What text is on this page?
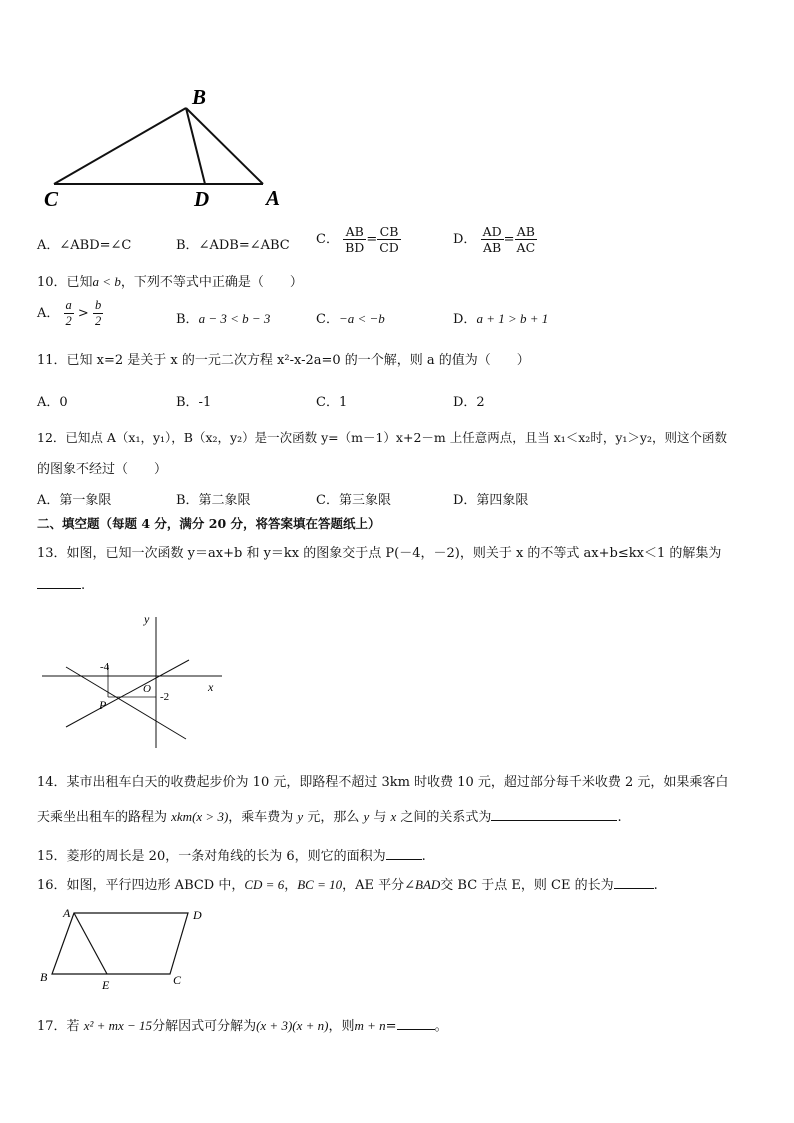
B
C	D	A
A．∠ABD=∠C	B．∠ADB=∠ABC C． $\frac{AB}{BD} = \frac{CB}{CD}$	D． $\frac{AD}{AB} = \frac{AB}{AC}$
10．已知a < b，下列不等式中正确是（　　）
A． $\frac{a}{2} > \frac{b}{2}$	B．a − 3 < b − 3	C．−a < −b	D．a + 1 > b + 1
11．已知 x=2 是关于 x 的一元二次方程 x²-x-2a=0 的一个解，则 a 的值为（　　）
A．0	B．-1	C．1	D．2
12．已知点 A（x₁，y₁），B（x₂，y₂）是一次函数 y=（m－1）x+2－m 上任意两点，且当 x₁＜x₂时，y₁＞y₂，则这个函数
的图象不经过（　　）
A．第一象限	B．第二象限	C．第三象限	D．第四象限
二、填空题（每题 4 分，满分 20 分，将答案填在答题纸上）
13．如图，已知一次函数 y＝ax+b 和 y＝kx 的图象交于点 P(－4，－2)，则关于 x 的不等式 ax+b≤kx＜1 的解集为
.
y
x
-4
O
-2
P
14．某市出租车白天的收费起步价为 10 元，即路程不超过 3km 时收费 10 元，超过部分每千米收费 2 元，如果乘客白
天乘坐出租车的路程为 xkm(x > 3)，乘车费为 y 元，那么 y 与 x 之间的关系式为	.
15．菱形的周长是 20，一条对角线的长为 6，则它的面积为	.
16．如图，平行四边形 ABCD 中，CD = 6，BC = 10，AE 平分∠BAD交 BC 于点 E，则 CE 的长为	.
A	D
B
E	C
17．若 x² + mx − 15分解因式可分解为(x + 3)(x + n)，则m + n=	。
